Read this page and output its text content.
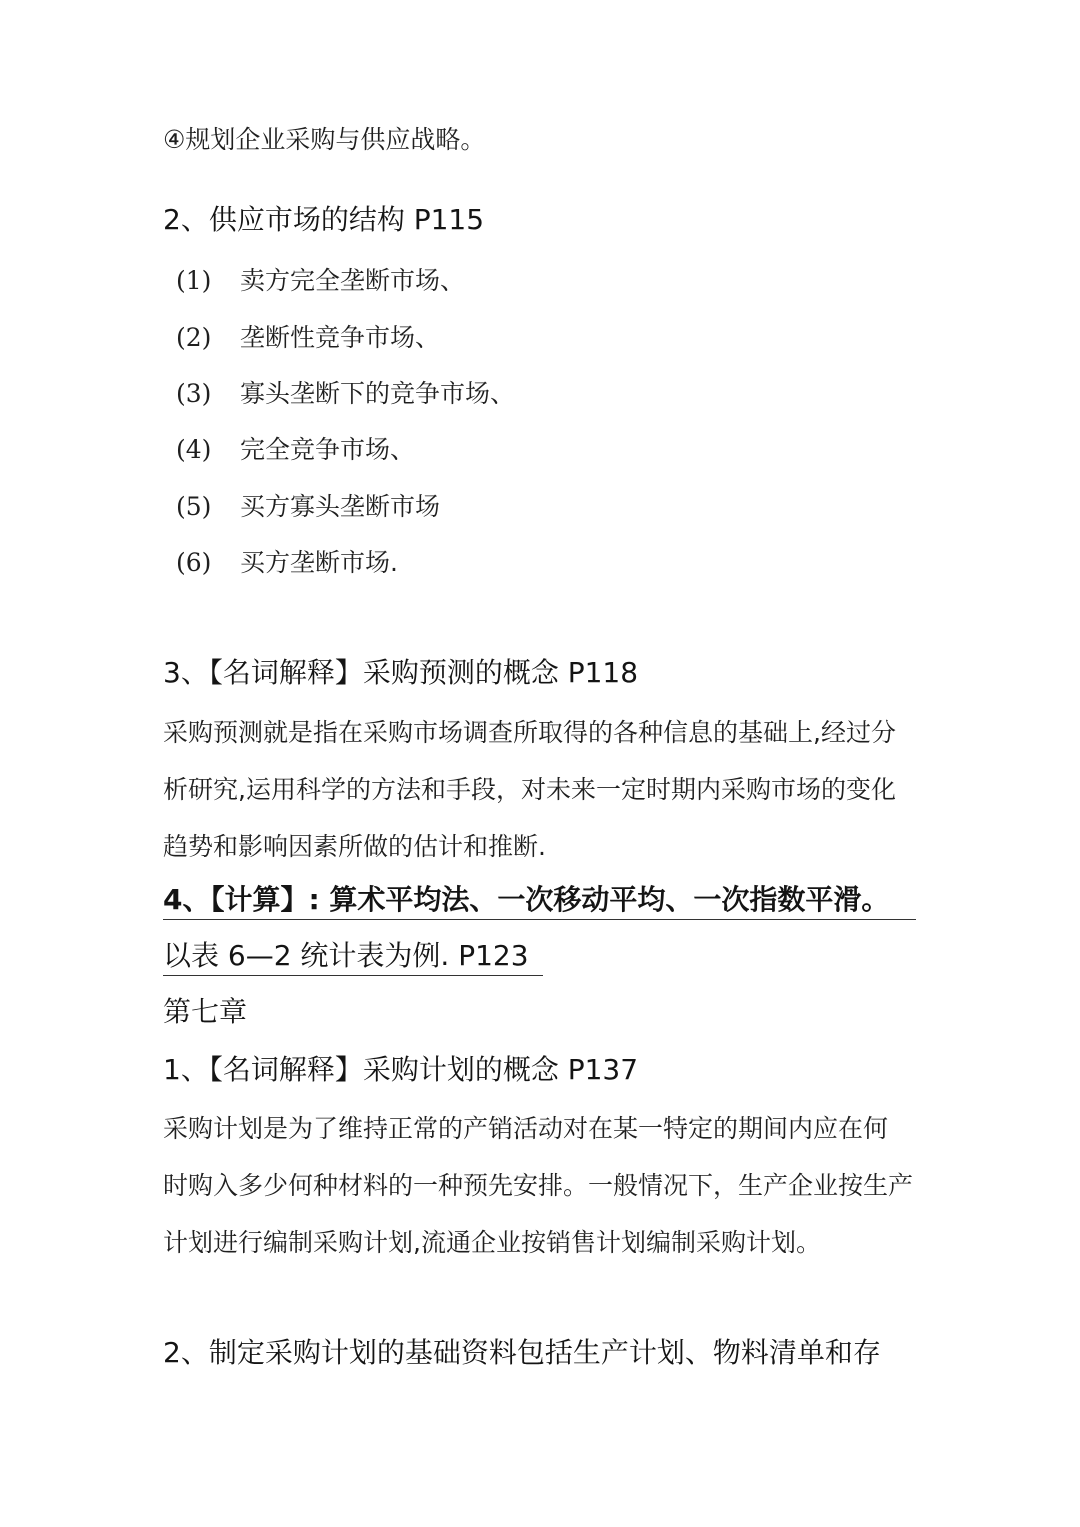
④规划企业采购与供应战略。
2、供应市场的结构 P115
(1) 卖方完全垄断市场、
(2) 垄断性竞争市场、
(3) 寡头垄断下的竞争市场、
(4) 完全竞争市场、
(5) 买方寡头垄断市场
(6) 买方垄断市场.
3、【名词解释】采购预测的概念 P118
采购预测就是指在采购市场调查所取得的各种信息的基础上,经过分
析研究,运用科学的方法和手段，对未来一定时期内采购市场的变化
趋势和影响因素所做的估计和推断.
4、【计算】: 算术平均法、一次移动平均、一次指数平滑。
以表 6—2 统计表为例. P123
第七章
1、【名词解释】采购计划的概念 P137
采购计划是为了维持正常的产销活动对在某一特定的期间内应在何
时购入多少何种材料的一种预先安排。一般情况下，生产企业按生产
计划进行编制采购计划,流通企业按销售计划编制采购计划。
2、制定采购计划的基础资料包括生产计划、物料清单和存
